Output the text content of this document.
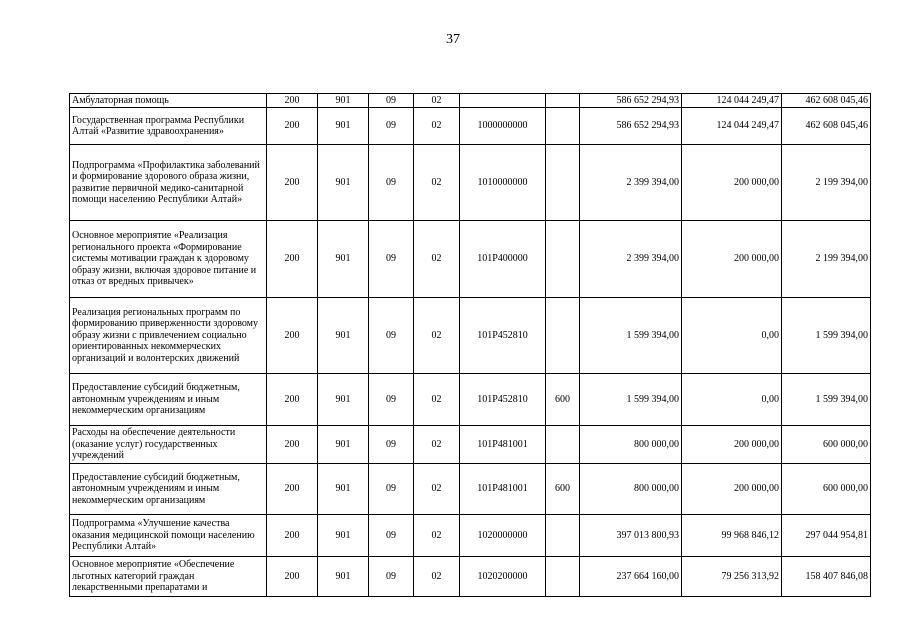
37
Амбулаторная помощь	200	901	09	02			586 652 294,93	124 044 249,47	462 608 045,46
Государственная программа Республики Алтай «Развитие здравоохранения»	200	901	09	02	1000000000		586 652 294,93	124 044 249,47	462 608 045,46
Подпрограмма «Профилактика заболеваний и формирование здорового образа жизни, развитие первичной медико-санитарной помощи населению Республики Алтай»	200	901	09	02	1010000000		2 399 394,00	200 000,00	2 199 394,00
Основное мероприятие «Реализация регионального проекта «Формирование системы мотивации граждан к здоровому образу жизни, включая здоровое питание и отказ от вредных привычек»	200	901	09	02	101P400000		2 399 394,00	200 000,00	2 199 394,00
Реализация региональных программ по формированию приверженности здоровому образу жизни с привлечением социально ориентированных некоммерческих организаций и волонтерских движений	200	901	09	02	101P452810		1 599 394,00	0,00	1 599 394,00
Предоставление субсидий бюджетным, автономным учреждениям и иным некоммерческим организациям	200	901	09	02	101P452810	600	1 599 394,00	0,00	1 599 394,00
Расходы на обеспечение деятельности (оказание услуг) государственных учреждений	200	901	09	02	101P481001		800 000,00	200 000,00	600 000,00
Предоставление субсидий бюджетным, автономным учреждениям и иным некоммерческим организациям	200	901	09	02	101P481001	600	800 000,00	200 000,00	600 000,00
Подпрограмма «Улучшение качества оказания медицинской помощи населению Республики Алтай»	200	901	09	02	1020000000		397 013 800,93	99 968 846,12	297 044 954,81
Основное мероприятие «Обеспечение льготных категорий граждан лекарственными препаратами и	200	901	09	02	1020200000		237 664 160,00	79 256 313,92	158 407 846,08
